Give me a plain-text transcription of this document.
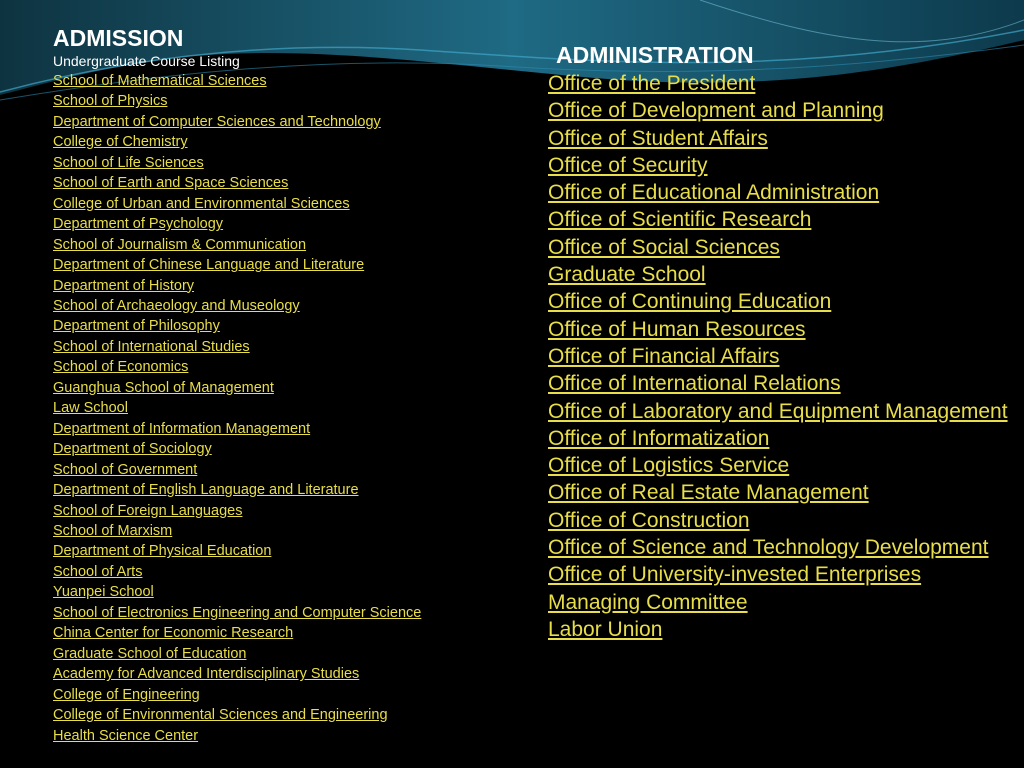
ADMISSION
Undergraduate Course Listing
School of Mathematical Sciences
School of Physics
Department of Computer Sciences and Technology
College of Chemistry
School of Life Sciences
School of Earth and Space Sciences
College of Urban and Environmental Sciences
Department of Psychology
School of Journalism & Communication
Department of Chinese Language and Literature
Department of History
School of Archaeology and Museology
Department of Philosophy
School of International Studies
School of Economics
Guanghua School of Management
Law School
Department of Information Management
Department of Sociology
School of Government
Department of English Language and Literature
School of Foreign Languages
School of Marxism
Department of Physical Education
School of Arts
Yuanpei School
School of Electronics Engineering and Computer Science
China Center for Economic Research
Graduate School of Education
Academy for Advanced Interdisciplinary Studies
College of Engineering
College of Environmental Sciences and Engineering
Health Science Center
ADMINISTRATION
Office of the President
Office of Development and Planning
Office of Student Affairs
Office of Security
Office of Educational Administration
Office of Scientific Research
Office of Social Sciences
Graduate School
Office of Continuing Education
Office of Human Resources
Office of Financial Affairs
Office of International Relations
Office of Laboratory and Equipment Management
Office of Informatization
Office of Logistics Service
Office of Real Estate Management
Office of Construction
Office of Science and Technology Development
Office of University-invested Enterprises Managing Committee
Labor Union
